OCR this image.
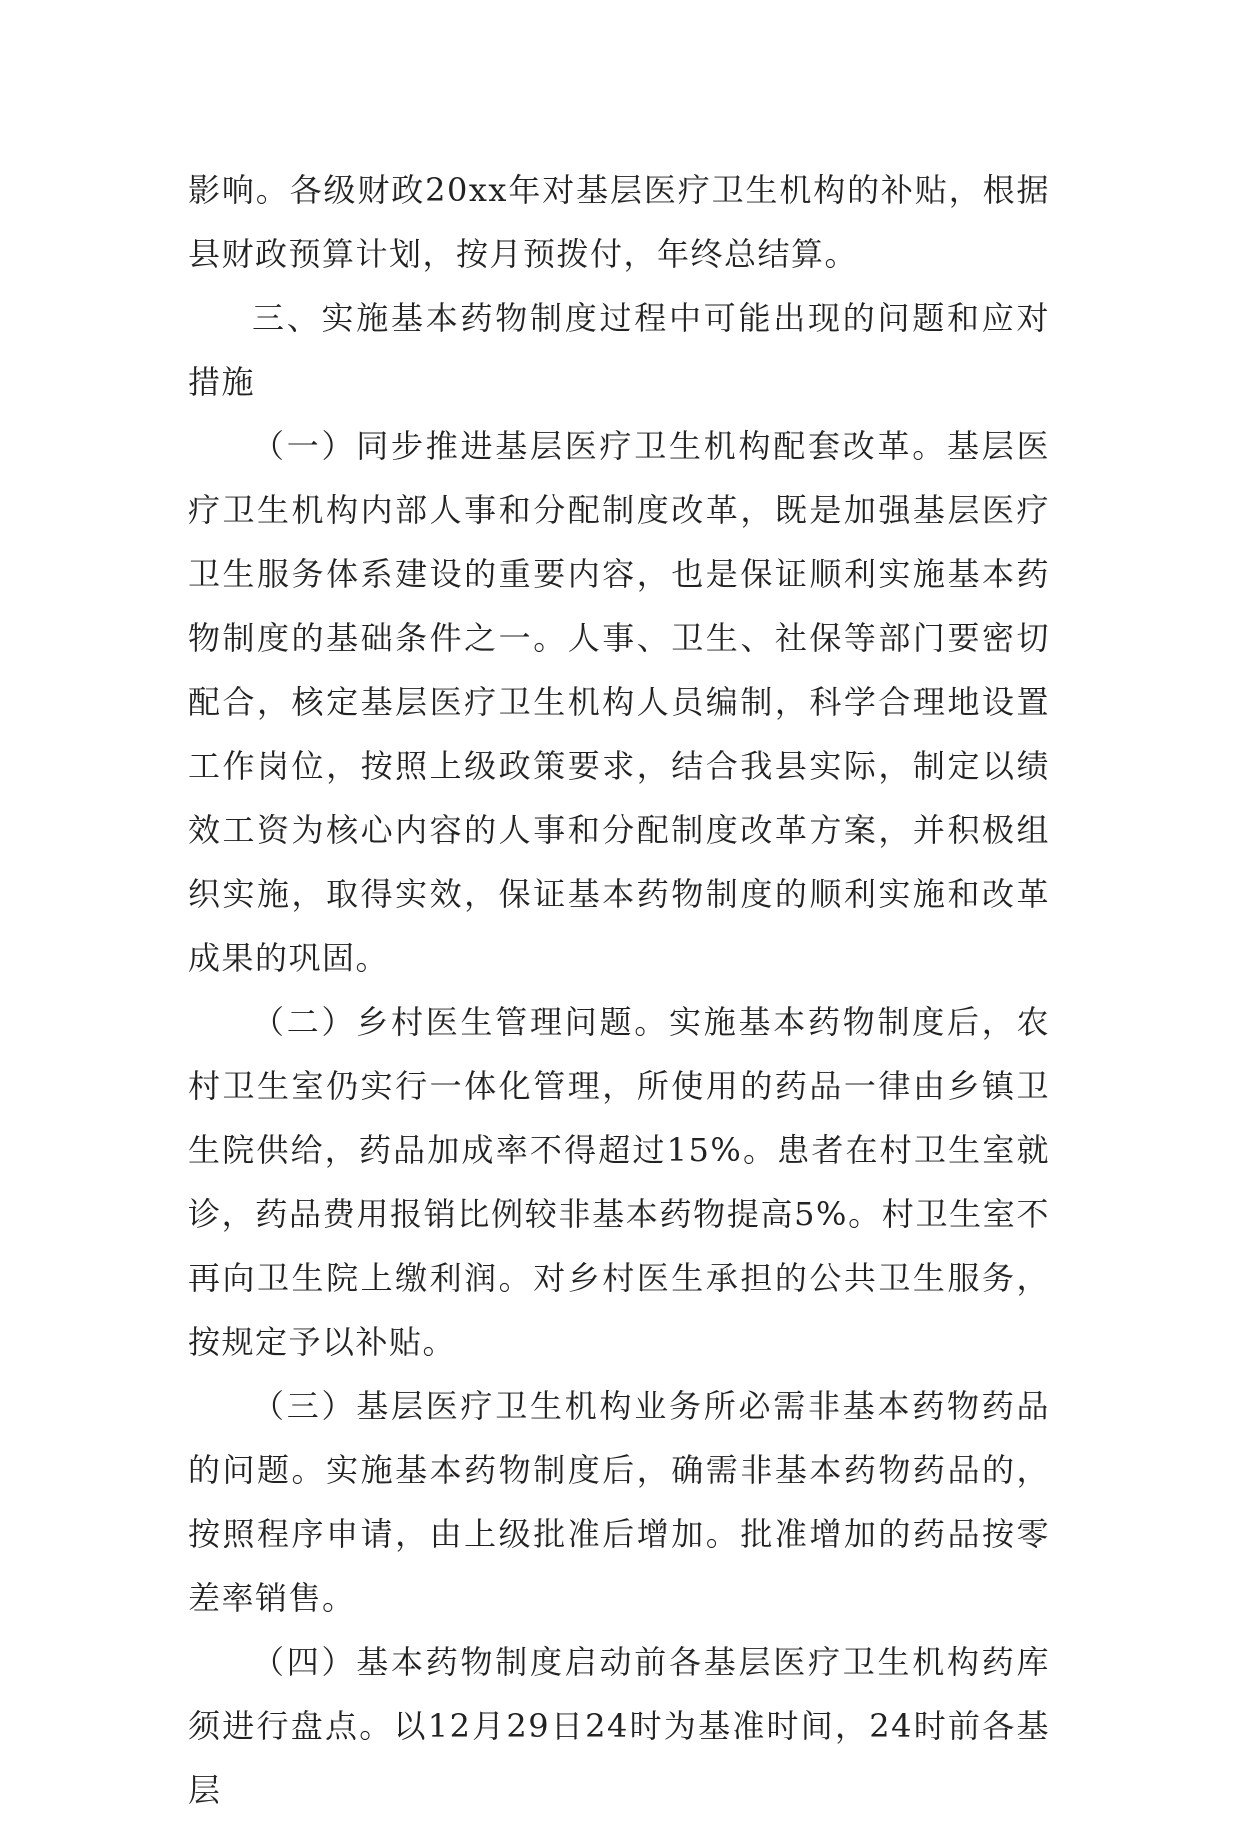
影响。各级财政20xx年对基层医疗卫生机构的补贴，根据县财政预算计划，按月预拨付，年终总结算。

三、实施基本药物制度过程中可能出现的问题和应对措施

（一）同步推进基层医疗卫生机构配套改革。基层医疗卫生机构内部人事和分配制度改革，既是加强基层医疗卫生服务体系建设的重要内容，也是保证顺利实施基本药物制度的基础条件之一。人事、卫生、社保等部门要密切配合，核定基层医疗卫生机构人员编制，科学合理地设置工作岗位，按照上级政策要求，结合我县实际，制定以绩效工资为核心内容的人事和分配制度改革方案，并积极组织实施，取得实效，保证基本药物制度的顺利实施和改革成果的巩固。

（二）乡村医生管理问题。实施基本药物制度后，农村卫生室仍实行一体化管理，所使用的药品一律由乡镇卫生院供给，药品加成率不得超过15%。患者在村卫生室就诊，药品费用报销比例较非基本药物提高5%。村卫生室不再向卫生院上缴利润。对乡村医生承担的公共卫生服务，按规定予以补贴。

（三）基层医疗卫生机构业务所必需非基本药物药品的问题。实施基本药物制度后，确需非基本药物药品的，按照程序申请，由上级批准后增加。批准增加的药品按零差率销售。

（四）基本药物制度启动前各基层医疗卫生机构药库须进行盘点。以12月29日24时为基准时间，24时前各基层
